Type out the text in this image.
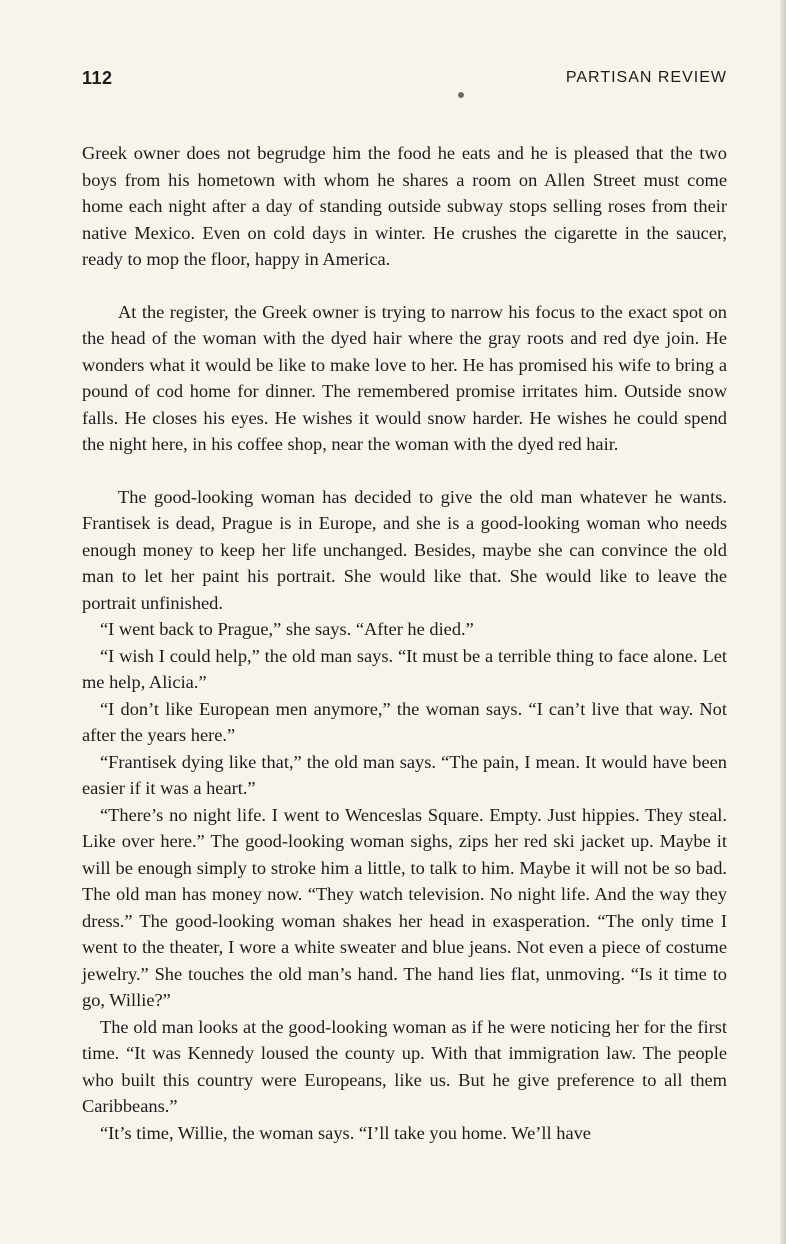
112	PARTISAN REVIEW

Greek owner does not begrudge him the food he eats and he is pleased that the two boys from his hometown with whom he shares a room on Allen Street must come home each night after a day of standing outside subway stops selling roses from their native Mexico. Even on cold days in winter. He crushes the cigarette in the saucer, ready to mop the floor, happy in America.

At the register, the Greek owner is trying to narrow his focus to the exact spot on the head of the woman with the dyed hair where the gray roots and red dye join. He wonders what it would be like to make love to her. He has promised his wife to bring a pound of cod home for dinner. The remembered promise irritates him. Outside snow falls. He closes his eyes. He wishes it would snow harder. He wishes he could spend the night here, in his coffee shop, near the woman with the dyed red hair.

The good-looking woman has decided to give the old man whatever he wants. Frantisek is dead, Prague is in Europe, and she is a good-looking woman who needs enough money to keep her life unchanged. Besides, maybe she can convince the old man to let her paint his portrait. She would like that. She would like to leave the portrait unfinished.

“I went back to Prague,” she says. “After he died.”

“I wish I could help,” the old man says. “It must be a terrible thing to face alone. Let me help, Alicia.”

“I don’t like European men anymore,” the woman says. “I can’t live that way. Not after the years here.”

“Frantisek dying like that,” the old man says. “The pain, I mean. It would have been easier if it was a heart.”

“There’s no night life. I went to Wenceslas Square. Empty. Just hippies. They steal. Like over here.” The good-looking woman sighs, zips her red ski jacket up. Maybe it will be enough simply to stroke him a little, to talk to him. Maybe it will not be so bad. The old man has money now. “They watch television. No night life. And the way they dress.” The good-looking woman shakes her head in exasperation. “The only time I went to the theater, I wore a white sweater and blue jeans. Not even a piece of costume jewelry.” She touches the old man’s hand. The hand lies flat, unmoving. “Is it time to go, Willie?”

The old man looks at the good-looking woman as if he were noticing her for the first time. “It was Kennedy loused the county up. With that immigration law. The people who built this country were Europeans, like us. But he give preference to all them Caribbeans.”

“It’s time, Willie, the woman says. “I’ll take you home. We’ll have
